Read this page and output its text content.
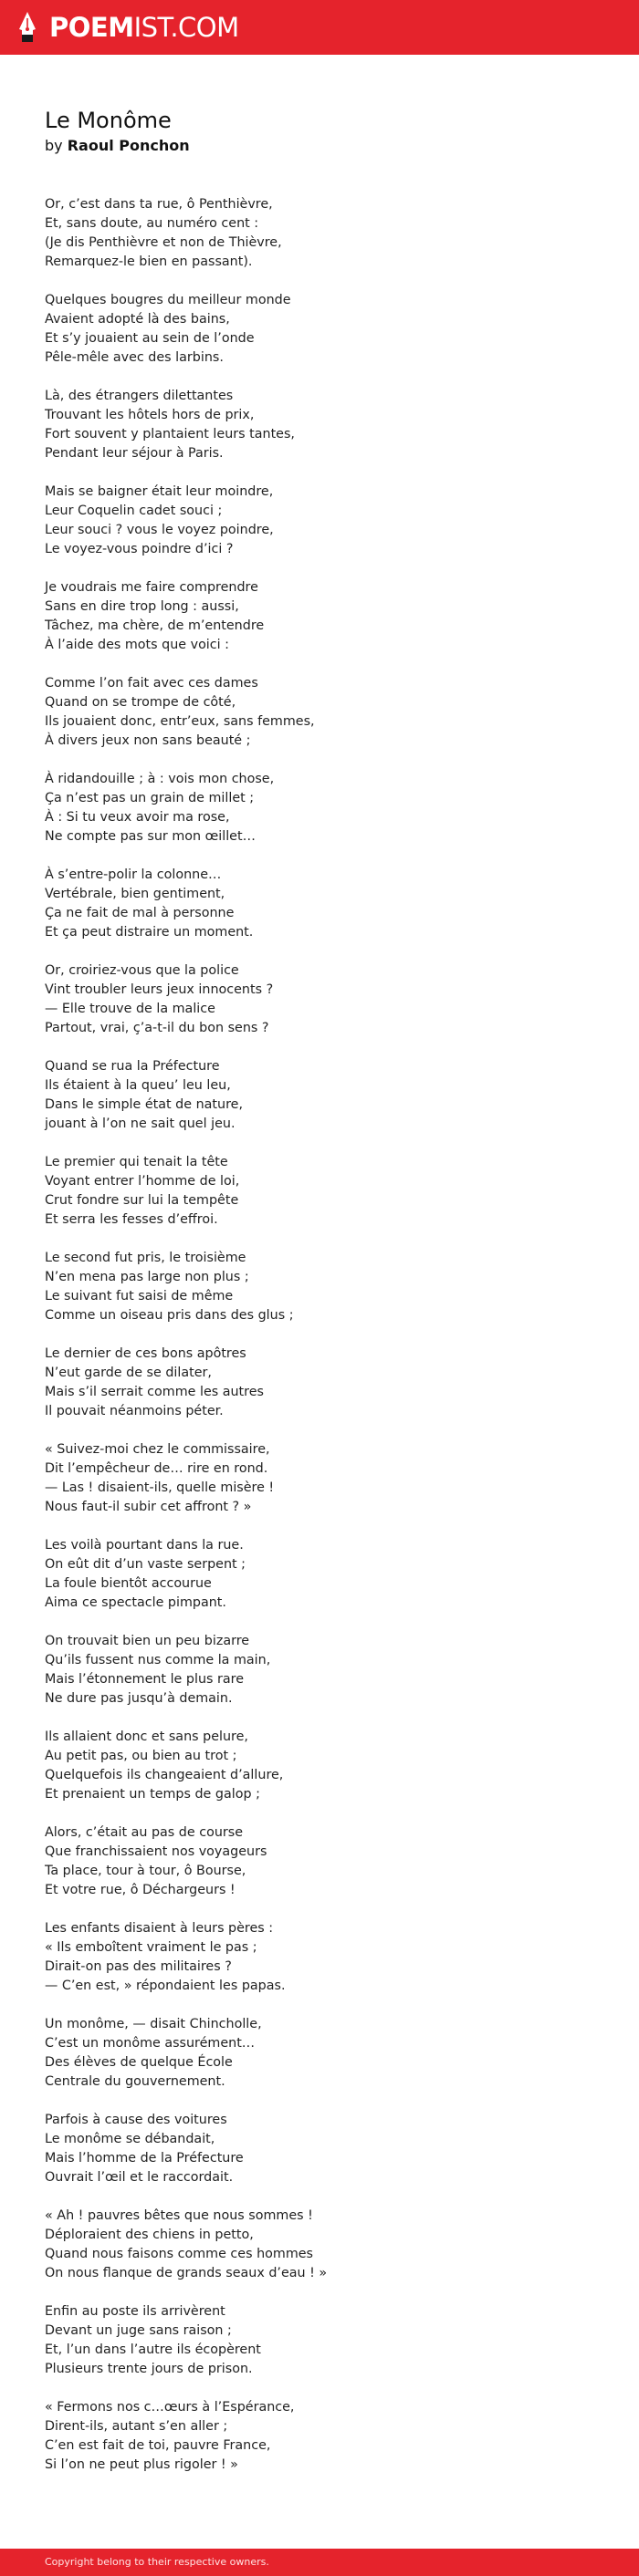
POEMIST.COM
Le Monôme
by Raoul Ponchon
Or, c’est dans ta rue, ô Penthièvre,
Et, sans doute, au numéro cent :
(Je dis Penthièvre et non de Thièvre,
Remarquez-le bien en passant).
Quelques bougres du meilleur monde
Avaient adopté là des bains,
Et s’y jouaient au sein de l’onde
Pêle-mêle avec des larbins.
Là, des étrangers dilettantes
Trouvant les hôtels hors de prix,
Fort souvent y plantaient leurs tantes,
Pendant leur séjour à Paris.
Mais se baigner était leur moindre,
Leur Coquelin cadet souci ;
Leur souci ? vous le voyez poindre,
Le voyez-vous poindre d’ici ?
Je voudrais me faire comprendre
Sans en dire trop long : aussi,
Tâchez, ma chère, de m’entendre
À l’aide des mots que voici :
Comme l’on fait avec ces dames
Quand on se trompe de côté,
Ils jouaient donc, entr’eux, sans femmes,
À divers jeux non sans beauté ;
À ridandouille ; à : vois mon chose,
Ça n’est pas un grain de millet ;
À : Si tu veux avoir ma rose,
Ne compte pas sur mon œillet…
À s’entre-polir la colonne…
Vertébrale, bien gentiment,
Ça ne fait de mal à personne
Et ça peut distraire un moment.
Or, croiriez-vous que la police
Vint troubler leurs jeux innocents ?
— Elle trouve de la malice
Partout, vrai, ç’a-t-il du bon sens ?
Quand se rua la Préfecture
Ils étaient à la queu’ leu leu,
Dans le simple état de nature,
jouant à l’on ne sait quel jeu.
Le premier qui tenait la tête
Voyant entrer l’homme de loi,
Crut fondre sur lui la tempête
Et serra les fesses d’effroi.
Le second fut pris, le troisième
N’en mena pas large non plus ;
Le suivant fut saisi de même
Comme un oiseau pris dans des glus ;
Le dernier de ces bons apôtres
N’eut garde de se dilater,
Mais s’il serrait comme les autres
Il pouvait néanmoins péter.
« Suivez-moi chez le commissaire,
Dit l’empêcheur de… rire en rond.
— Las ! disaient-ils, quelle misère !
Nous faut-il subir cet affront ? »
Les voilà pourtant dans la rue.
On eût dit d’un vaste serpent ;
La foule bientôt accourue
Aima ce spectacle pimpant.
On trouvait bien un peu bizarre
Qu’ils fussent nus comme la main,
Mais l’étonnement le plus rare
Ne dure pas jusqu’à demain.
Ils allaient donc et sans pelure,
Au petit pas, ou bien au trot ;
Quelquefois ils changeaient d’allure,
Et prenaient un temps de galop ;
Alors, c’était au pas de course
Que franchissaient nos voyageurs
Ta place, tour à tour, ô Bourse,
Et votre rue, ô Déchargeurs !
Les enfants disaient à leurs pères :
« Ils emboîtent vraiment le pas ;
Dirait-on pas des militaires ?
— C’en est, » répondaient les papas.
Un monôme, — disait Chincholle,
C’est un monôme assurément…
Des élèves de quelque École
Centrale du gouvernement.
Parfois à cause des voitures
Le monôme se débandait,
Mais l’homme de la Préfecture
Ouvrait l’œil et le raccordait.
« Ah ! pauvres bêtes que nous sommes !
Déploraient des chiens in petto,
Quand nous faisons comme ces hommes
On nous flanque de grands seaux d’eau ! »
Enfin au poste ils arrivèrent
Devant un juge sans raison ;
Et, l’un dans l’autre ils écopèrent
Plusieurs trente jours de prison.
« Fermons nos c…œurs à l’Espérance,
Dirent-ils, autant s’en aller ;
C’en est fait de toi, pauvre France,
Si l’on ne peut plus rigoler ! »
Copyright belong to their respective owners.
